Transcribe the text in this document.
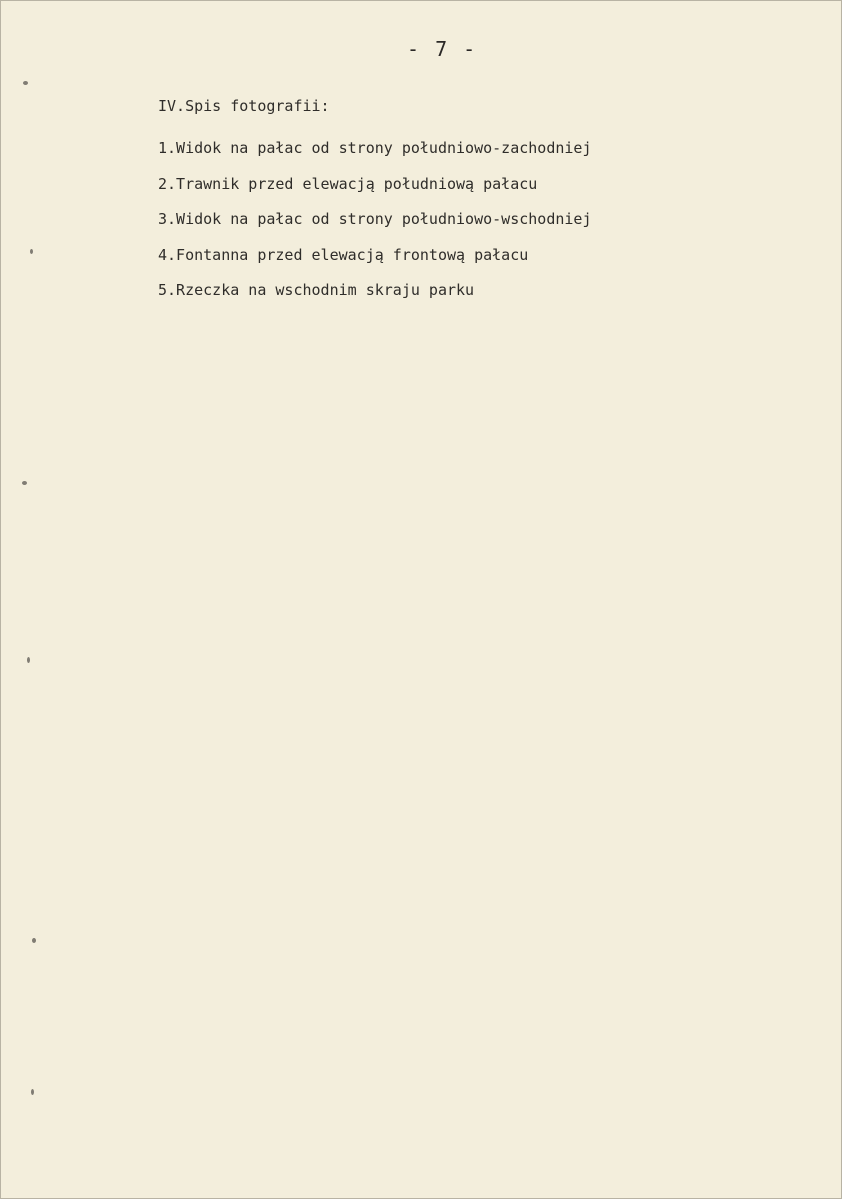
- 7 -
IV.Spis fotografii:
1.Widok na pałac od strony południowo-zachodniej
2.Trawnik przed elewacją południową pałacu
3.Widok na pałac od strony południowo-wschodniej
4.Fontanna przed elewacją frontową pałacu
5.Rzeczka na wschodnim skraju parku
